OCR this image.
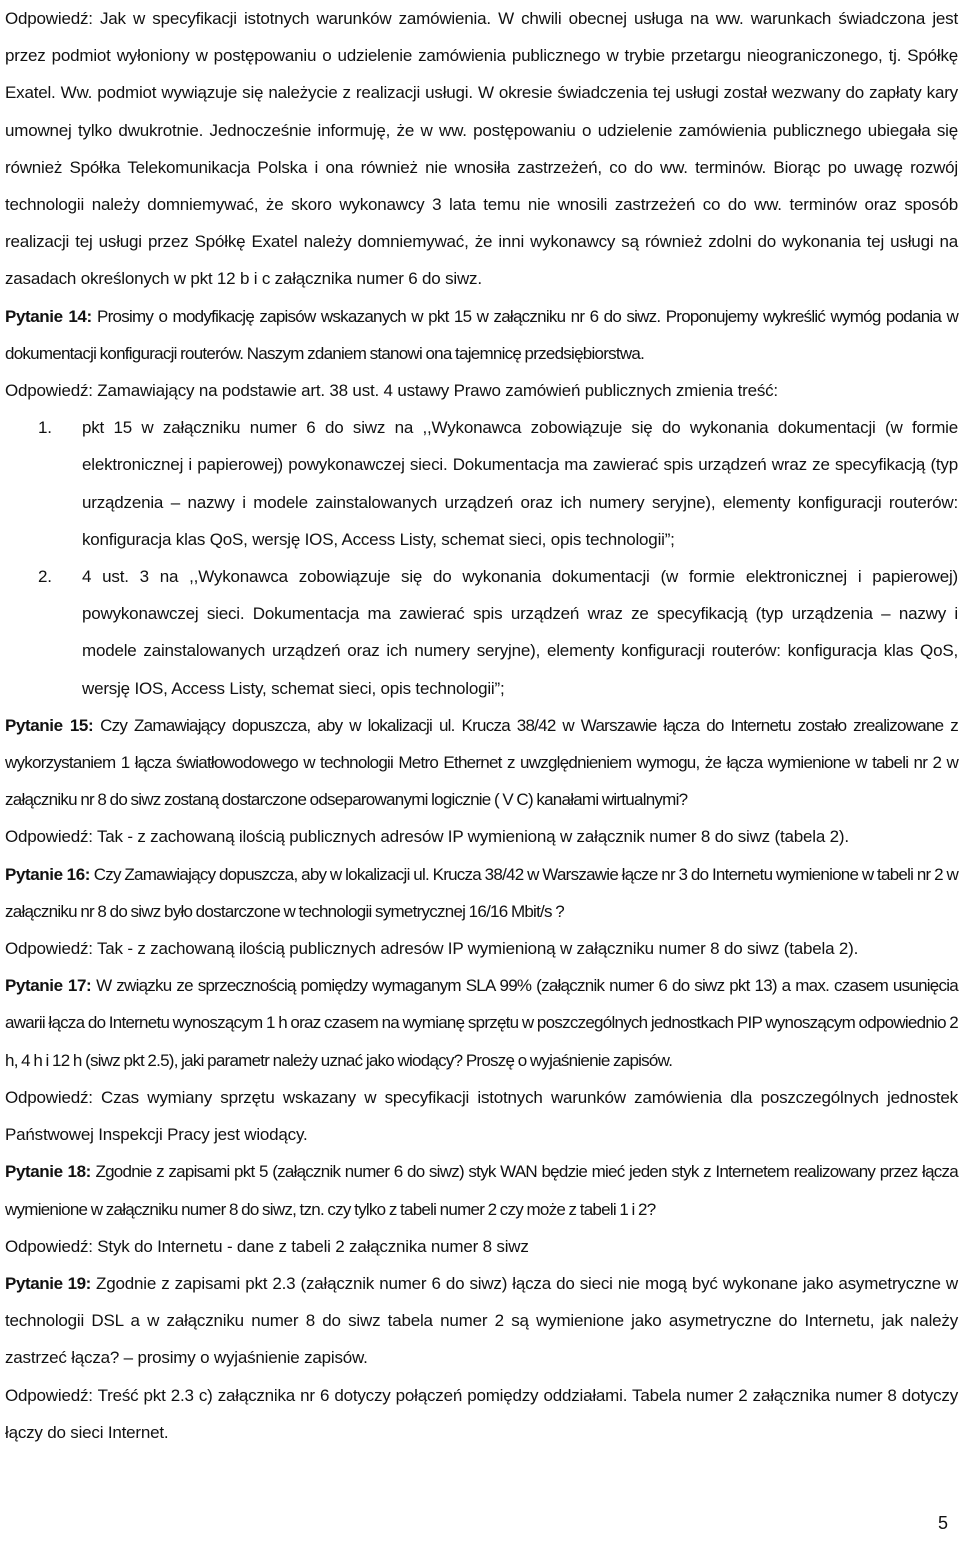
Odpowiedź: Jak w specyfikacji istotnych warunków zamówienia. W chwili obecnej usługa na ww. warunkach świadczona jest przez podmiot wyłoniony w postępowaniu o udzielenie zamówienia publicznego w trybie przetargu nieograniczonego, tj. Spółkę Exatel. Ww. podmiot wywiązuje się należycie z realizacji usługi. W okresie świadczenia tej usługi został wezwany do zapłaty kary umownej tylko dwukrotnie. Jednocześnie informuję, że w ww. postępowaniu o udzielenie zamówienia publicznego ubiegała się również Spółka Telekomunikacja Polska i ona również nie wnosiła zastrzeżeń, co do ww. terminów. Biorąc po uwagę rozwój technologii należy domniemywać, że skoro wykonawcy 3 lata temu nie wnosili zastrzeżeń co do ww. terminów oraz sposób realizacji tej usługi przez Spółkę Exatel należy domniemywać, że inni wykonawcy są również zdolni do wykonania tej usługi na zasadach określonych w pkt 12 b i c załącznika numer 6 do siwz.

Pytanie 14: Prosimy o modyfikację zapisów wskazanych w pkt 15 w załączniku nr 6 do siwz. Proponujemy wykreślić wymóg podania w dokumentacji konfiguracji routerów. Naszym zdaniem stanowi ona tajemnicę przedsiębiorstwa.

Odpowiedź: Zamawiający na podstawie art. 38 ust. 4 ustawy Prawo zamówień publicznych zmienia treść:

1. pkt 15 w załączniku numer 6 do siwz na ,,Wykonawca zobowiązuje się do wykonania dokumentacji (w formie elektronicznej i papierowej) powykonawczej sieci. Dokumentacja ma zawierać spis urządzeń wraz ze specyfikacją (typ urządzenia – nazwy i modele zainstalowanych urządzeń oraz ich numery seryjne), elementy konfiguracji routerów: konfiguracja klas QoS, wersję IOS, Access Listy, schemat sieci, opis technologii”;

2. 4 ust. 3 na ,,Wykonawca zobowiązuje się do wykonania dokumentacji (w formie elektronicznej i papierowej) powykonawczej sieci. Dokumentacja ma zawierać spis urządzeń wraz ze specyfikacją (typ urządzenia – nazwy i modele zainstalowanych urządzeń oraz ich numery seryjne), elementy konfiguracji routerów: konfiguracja klas QoS, wersję IOS, Access Listy, schemat sieci, opis technologii”;

Pytanie 15: Czy Zamawiający dopuszcza, aby w lokalizacji ul. Krucza 38/42 w Warszawie łącza do Internetu zostało zrealizowane z wykorzystaniem 1 łącza światłowodowego w technologii Metro Ethernet z uwzględnieniem wymogu, że łącza wymienione w tabeli nr 2 w załączniku nr 8 do siwz zostaną dostarczone odseparowanymi logicznie ( V C) kanałami wirtualnymi?

Odpowiedź: Tak - z zachowaną ilością publicznych adresów IP wymienioną w załącznik numer 8 do siwz (tabela 2).

Pytanie 16: Czy Zamawiający dopuszcza, aby w lokalizacji ul. Krucza 38/42 w Warszawie łącze nr 3 do Internetu wymienione w tabeli nr 2 w załączniku nr 8 do siwz było dostarczone w technologii symetrycznej 16/16 Mbit/s ?

Odpowiedź: Tak - z zachowaną ilością publicznych adresów IP wymienioną w załączniku numer 8 do siwz (tabela 2).

Pytanie 17: W związku ze sprzecznością pomiędzy wymaganym SLA 99% (załącznik numer 6 do siwz pkt 13) a max. czasem usunięcia awarii łącza do Internetu wynoszącym 1 h oraz czasem na wymianę sprzętu w poszczególnych jednostkach PIP wynoszącym odpowiednio 2 h, 4 h i 12 h (siwz pkt 2.5), jaki parametr należy uznać jako wiodący? Proszę o wyjaśnienie zapisów.

Odpowiedź: Czas wymiany sprzętu wskazany w specyfikacji istotnych warunków zamówienia dla poszczególnych jednostek Państwowej Inspekcji Pracy jest wiodący.

Pytanie 18: Zgodnie z zapisami pkt 5 (załącznik numer 6 do siwz) styk WAN będzie mieć jeden styk z Internetem realizowany przez łącza wymienione w załączniku numer 8 do siwz, tzn. czy tylko z tabeli numer 2 czy może z tabeli 1 i 2?

Odpowiedź: Styk do Internetu - dane z tabeli 2 załącznika numer 8 siwz

Pytanie 19: Zgodnie z zapisami pkt 2.3 (załącznik numer 6 do siwz) łącza do sieci nie mogą być wykonane jako asymetryczne w technologii DSL a w załączniku numer 8 do siwz tabela numer 2 są wymienione jako asymetryczne do Internetu, jak należy zastrzeć łącza? – prosimy o wyjaśnienie zapisów.

Odpowiedź: Treść pkt 2.3 c) załącznika nr 6 dotyczy połączeń pomiędzy oddziałami. Tabela numer 2 załącznika numer 8 dotyczy łączy do sieci Internet.

5
